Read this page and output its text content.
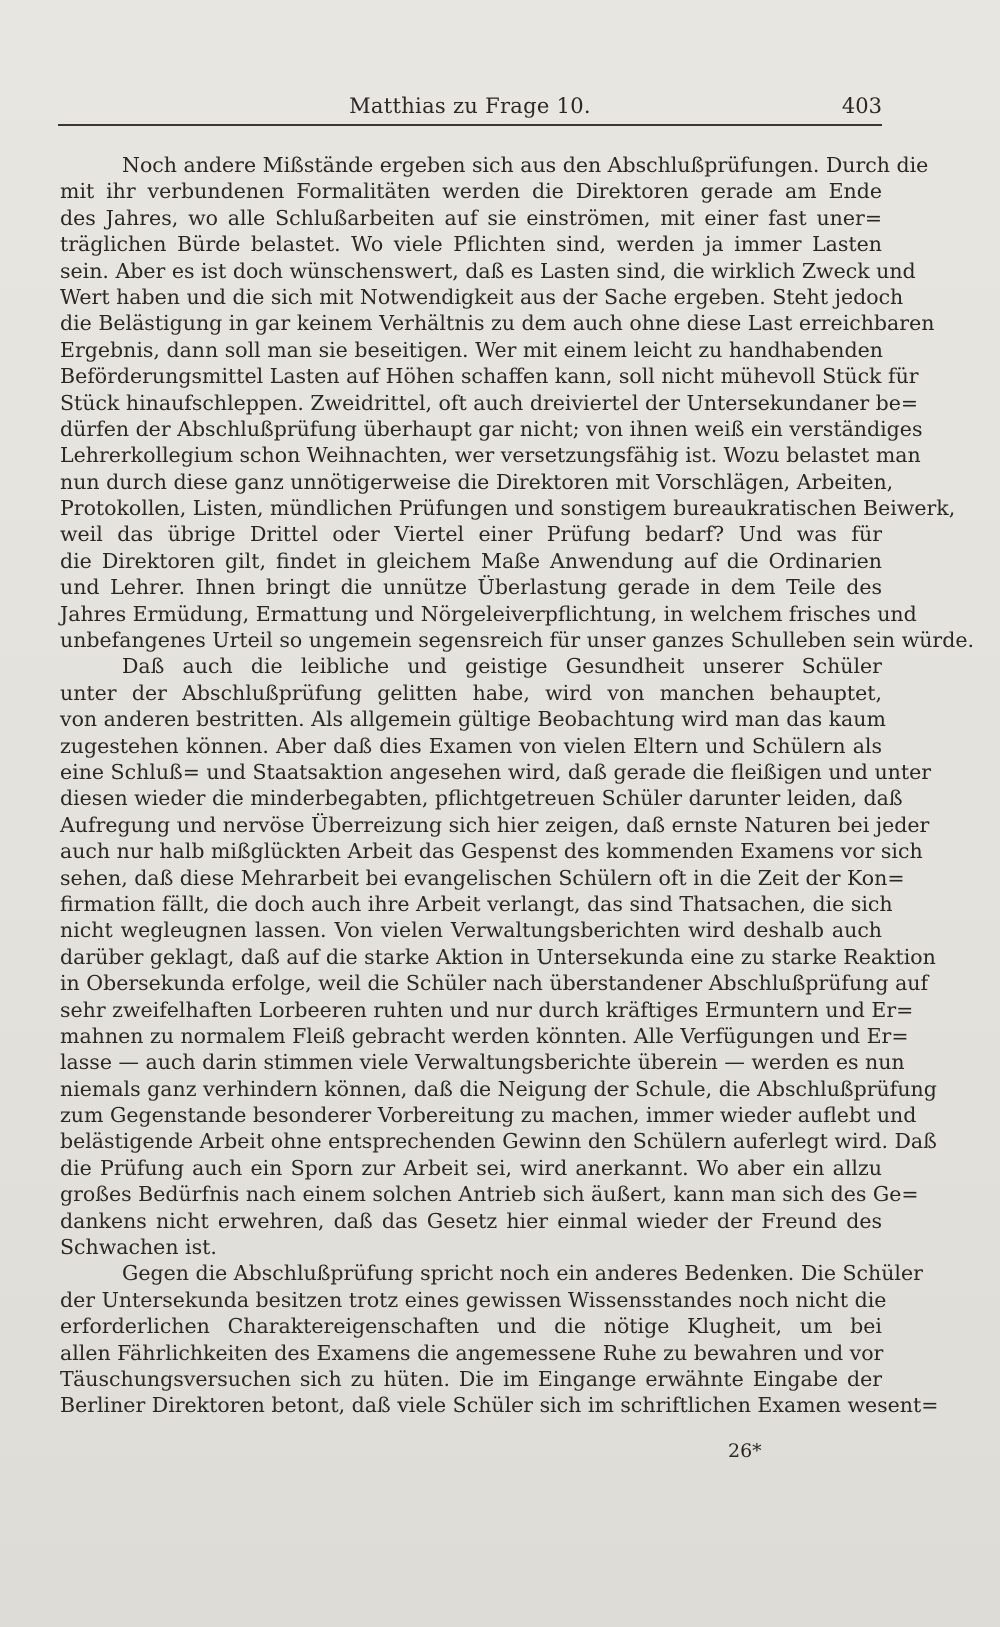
Matthias zu Frage 10.	403
Noch andere Mißstände ergeben sich aus den Abschlußprüfungen. Durch die
mit ihr verbundenen Formalitäten werden die Direktoren gerade am Ende
des Jahres, wo alle Schlußarbeiten auf sie einströmen, mit einer fast uner=
träglichen Bürde belastet. Wo viele Pflichten sind, werden ja immer Lasten
sein. Aber es ist doch wünschenswert, daß es Lasten sind, die wirklich Zweck und
Wert haben und die sich mit Notwendigkeit aus der Sache ergeben. Steht jedoch
die Belästigung in gar keinem Verhältnis zu dem auch ohne diese Last erreichbaren
Ergebnis, dann soll man sie beseitigen. Wer mit einem leicht zu handhabenden
Beförderungsmittel Lasten auf Höhen schaffen kann, soll nicht mühevoll Stück für
Stück hinaufschleppen. Zweidrittel, oft auch dreiviertel der Untersekundaner be=
dürfen der Abschlußprüfung überhaupt gar nicht; von ihnen weiß ein verständiges
Lehrerkollegium schon Weihnachten, wer versetzungsfähig ist. Wozu belastet man
nun durch diese ganz unnötigerweise die Direktoren mit Vorschlägen, Arbeiten,
Protokollen, Listen, mündlichen Prüfungen und sonstigem bureaukratischen Beiwerk,
weil das übrige Drittel oder Viertel einer Prüfung bedarf? Und was für
die Direktoren gilt, findet in gleichem Maße Anwendung auf die Ordinarien
und Lehrer. Ihnen bringt die unnütze Überlastung gerade in dem Teile des
Jahres Ermüdung, Ermattung und Nörgeleiverpflichtung, in welchem frisches und
unbefangenes Urteil so ungemein segensreich für unser ganzes Schulleben sein würde.
Daß auch die leibliche und geistige Gesundheit unserer Schüler
unter der Abschlußprüfung gelitten habe, wird von manchen behauptet,
von anderen bestritten. Als allgemein gültige Beobachtung wird man das kaum
zugestehen können. Aber daß dies Examen von vielen Eltern und Schülern als
eine Schluß= und Staatsaktion angesehen wird, daß gerade die fleißigen und unter
diesen wieder die minderbegabten, pflichtgetreuen Schüler darunter leiden, daß
Aufregung und nervöse Überreizung sich hier zeigen, daß ernste Naturen bei jeder
auch nur halb mißglückten Arbeit das Gespenst des kommenden Examens vor sich
sehen, daß diese Mehrarbeit bei evangelischen Schülern oft in die Zeit der Kon=
firmation fällt, die doch auch ihre Arbeit verlangt, das sind Thatsachen, die sich
nicht wegleugnen lassen. Von vielen Verwaltungsberichten wird deshalb auch
darüber geklagt, daß auf die starke Aktion in Untersekunda eine zu starke Reaktion
in Obersekunda erfolge, weil die Schüler nach überstandener Abschlußprüfung auf
sehr zweifelhaften Lorbeeren ruhten und nur durch kräftiges Ermuntern und Er=
mahnen zu normalem Fleiß gebracht werden könnten. Alle Verfügungen und Er=
lasse — auch darin stimmen viele Verwaltungsberichte überein — werden es nun
niemals ganz verhindern können, daß die Neigung der Schule, die Abschlußprüfung
zum Gegenstande besonderer Vorbereitung zu machen, immer wieder auflebt und
belästigende Arbeit ohne entsprechenden Gewinn den Schülern auferlegt wird. Daß
die Prüfung auch ein Sporn zur Arbeit sei, wird anerkannt. Wo aber ein allzu
großes Bedürfnis nach einem solchen Antrieb sich äußert, kann man sich des Ge=
dankens nicht erwehren, daß das Gesetz hier einmal wieder der Freund des
Schwachen ist.
Gegen die Abschlußprüfung spricht noch ein anderes Bedenken. Die Schüler
der Untersekunda besitzen trotz eines gewissen Wissensstandes noch nicht die
erforderlichen Charaktereigenschaften und die nötige Klugheit, um bei
allen Fährlichkeiten des Examens die angemessene Ruhe zu bewahren und vor
Täuschungsversuchen sich zu hüten. Die im Eingange erwähnte Eingabe der
Berliner Direktoren betont, daß viele Schüler sich im schriftlichen Examen wesent=
26*
